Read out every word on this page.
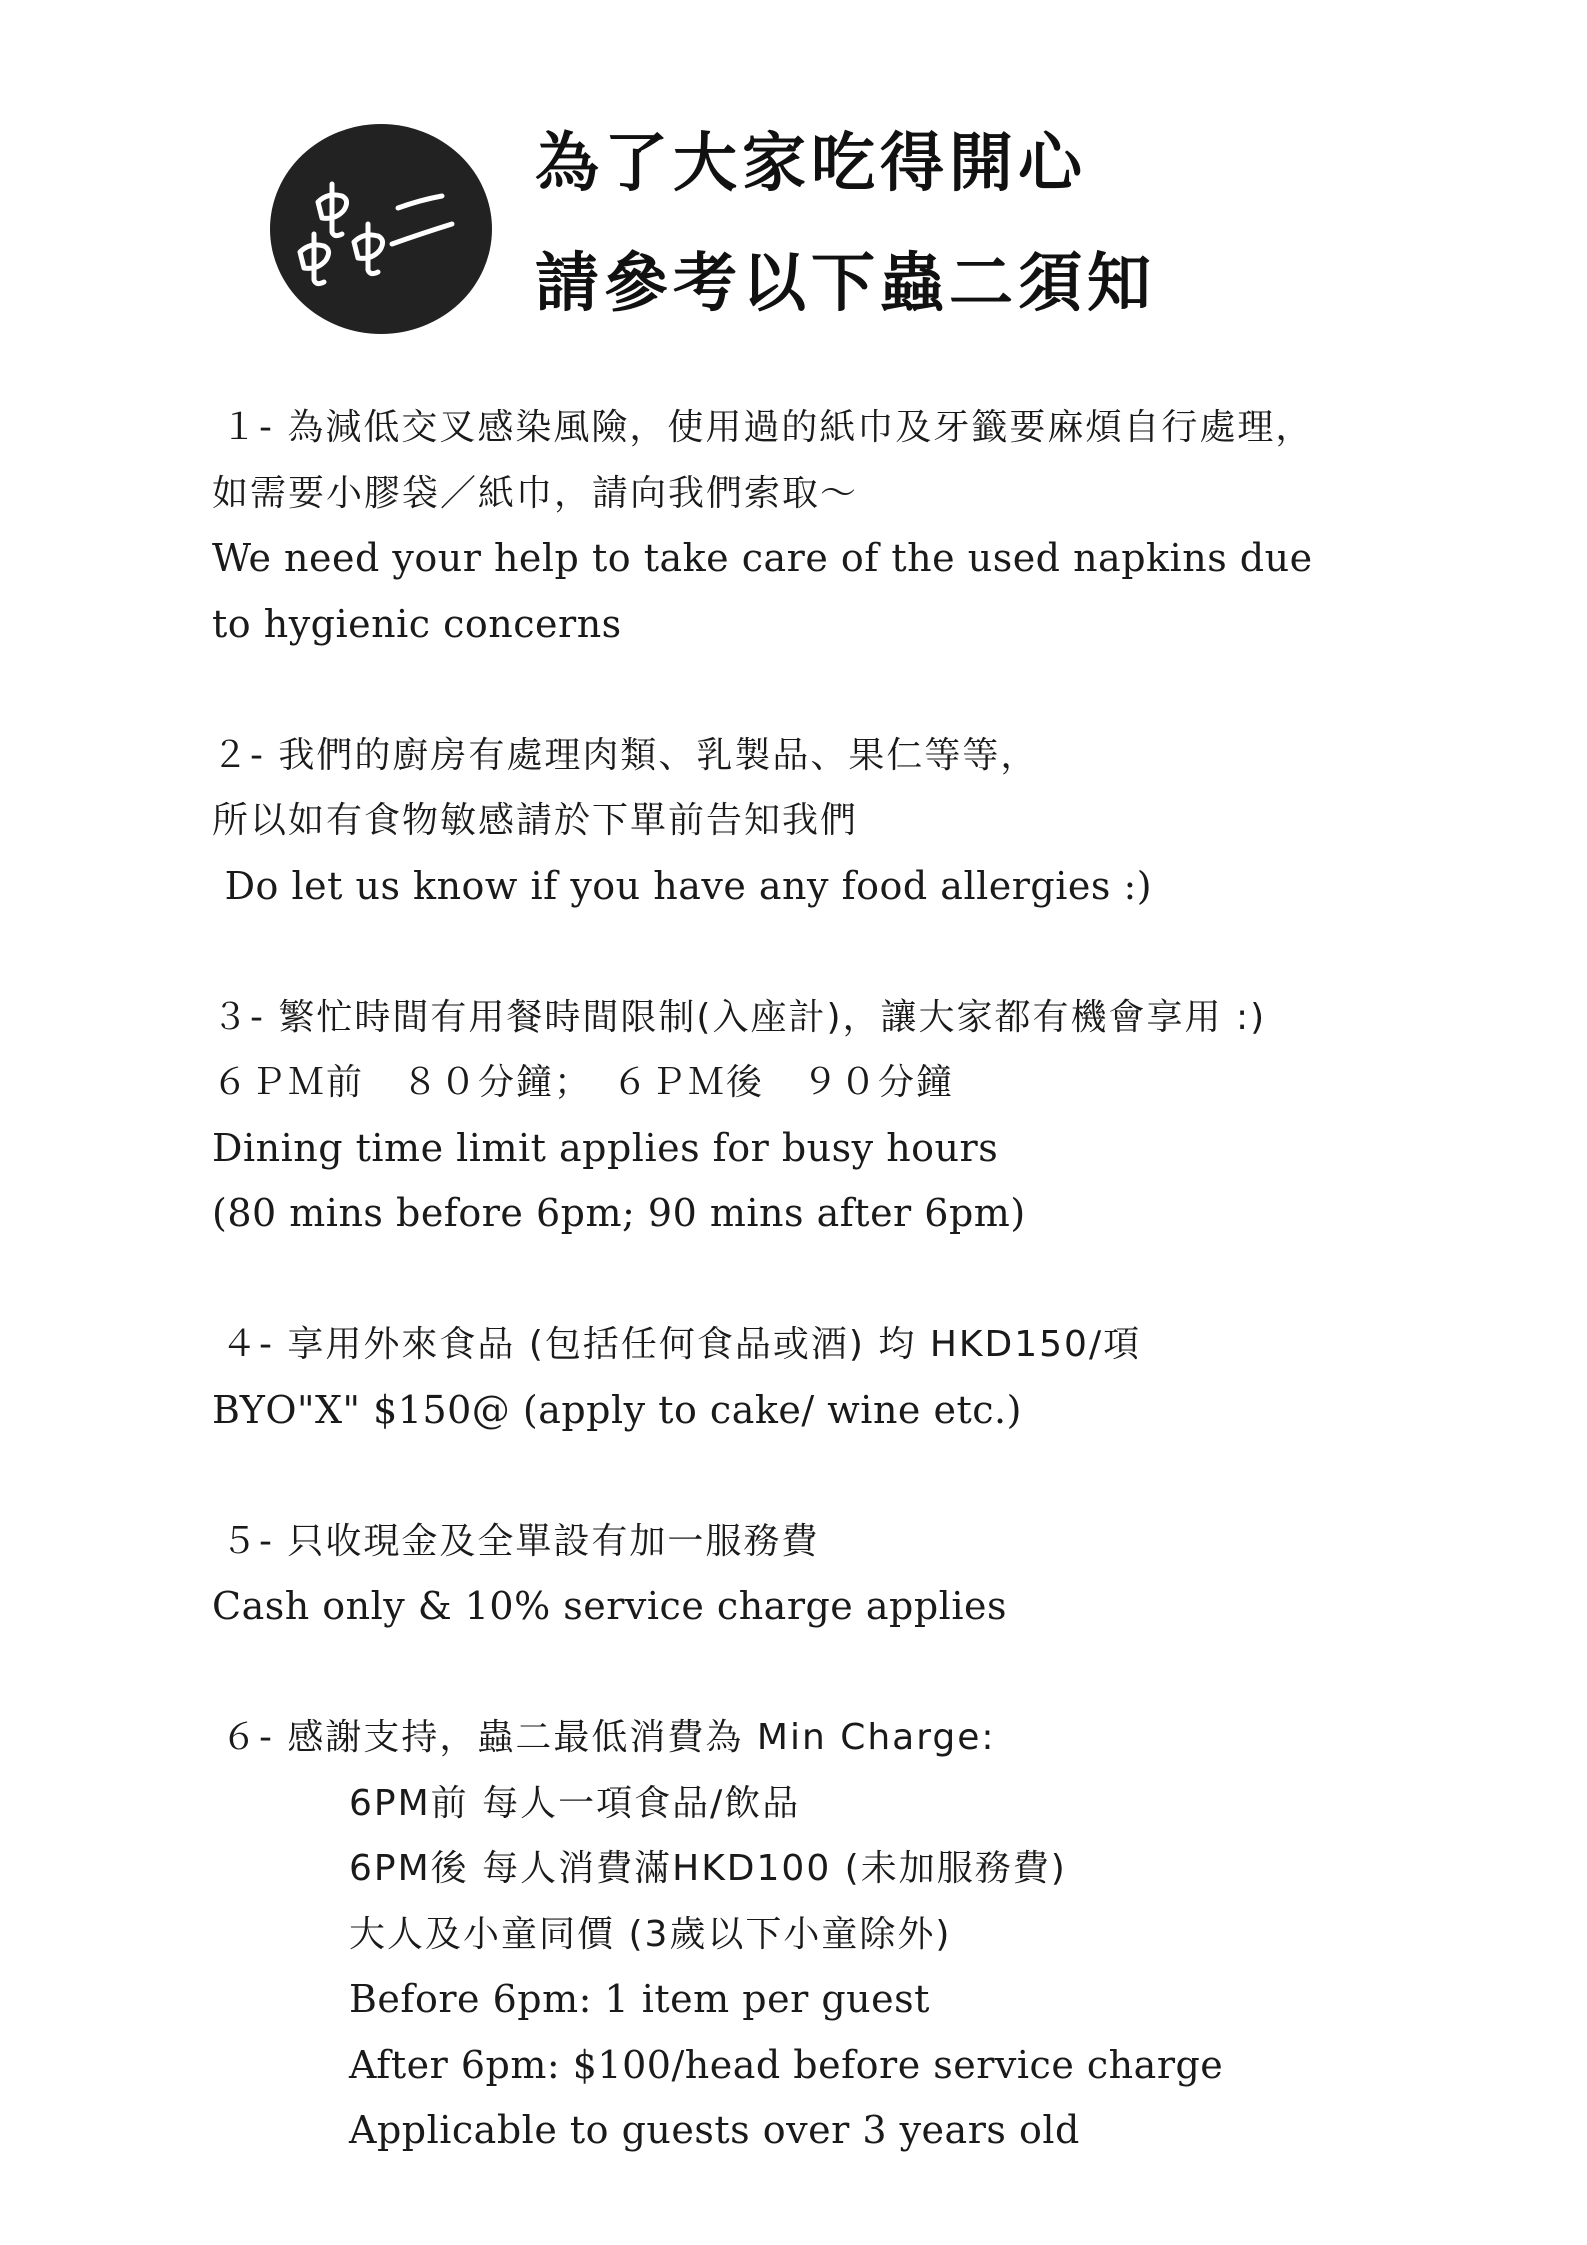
為了大家吃得開心
請參考以下蟲二須知
１- 為減低交叉感染風險，使用過的紙巾及牙籤要麻煩自行處理，
如需要小膠袋／紙巾，請向我們索取～
We need your help to take care of the used napkins due
to hygienic concerns
２- 我們的廚房有處理肉類、乳製品、果仁等等，
所以如有食物敏感請於下單前告知我們
Do let us know if you have any food allergies :)
３- 繁忙時間有用餐時間限制(入座計)，讓大家都有機會享用 :)
６ＰＭ前　８０分鐘；　６ＰＭ後　９０分鐘
Dining time limit applies for busy hours
(80 mins before 6pm; 90 mins after 6pm)
４- 享用外來食品 (包括任何食品或酒) 均 HKD150/項
BYO"X" $150@ (apply to cake/ wine etc.)
５- 只收現金及全單設有加一服務費
Cash only & 10% service charge applies
６- 感謝支持，蟲二最低消費為 Min Charge:
6PM前 每人一項食品/飲品
6PM後 每人消費滿HKD100 (未加服務費)
大人及小童同價 (3歲以下小童除外)
Before 6pm: 1 item per guest
After 6pm: $100/head before service charge
Applicable to guests over 3 years old
